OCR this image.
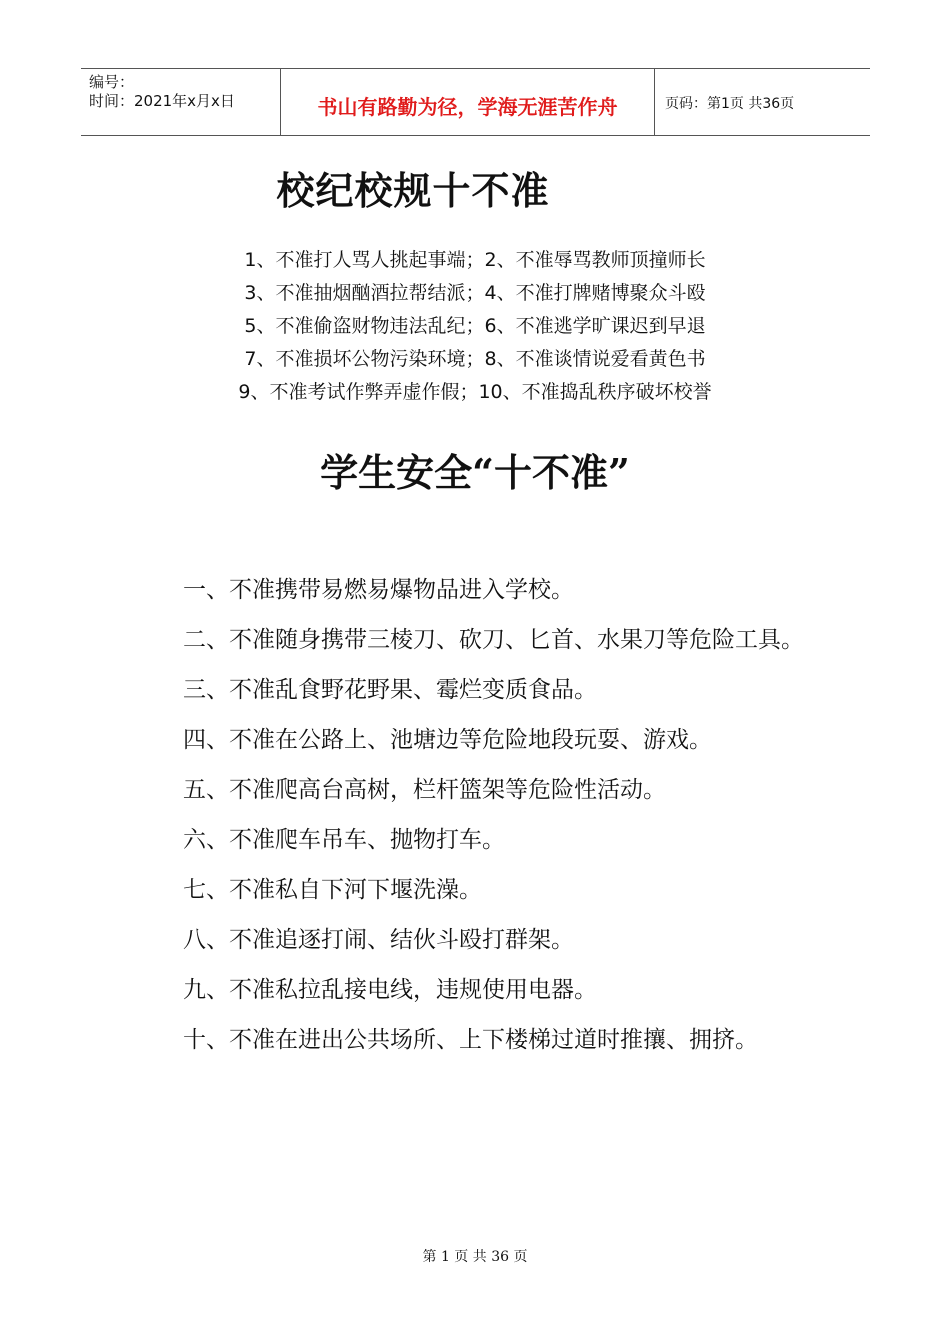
编号：
时间：2021年x月x日	书山有路勤为径，学海无涯苦作舟	页码：第1页 共36页
校纪校规十不准
1、不准打人骂人挑起事端；2、不准辱骂教师顶撞师长
3、不准抽烟酗酒拉帮结派；4、不准打牌赌博聚众斗殴
5、不准偷盗财物违法乱纪；6、不准逃学旷课迟到早退
7、不准损坏公物污染环境；8、不准谈情说爱看黄色书
9、不准考试作弊弄虚作假；10、不准捣乱秩序破坏校誉
学生安全“十不准”
一、不准携带易燃易爆物品进入学校。
二、不准随身携带三棱刀、砍刀、匕首、水果刀等危险工具。
三、不准乱食野花野果、霉烂变质食品。
四、不准在公路上、池塘边等危险地段玩耍、游戏。
五、不准爬高台高树，栏杆篮架等危险性活动。
六、不准爬车吊车、抛物打车。
七、不准私自下河下堰洗澡。
八、不准追逐打闹、结伙斗殴打群架。
九、不准私拉乱接电线，违规使用电器。
十、不准在进出公共场所、上下楼梯过道时推攘、拥挤。
第 1 页 共 36 页
